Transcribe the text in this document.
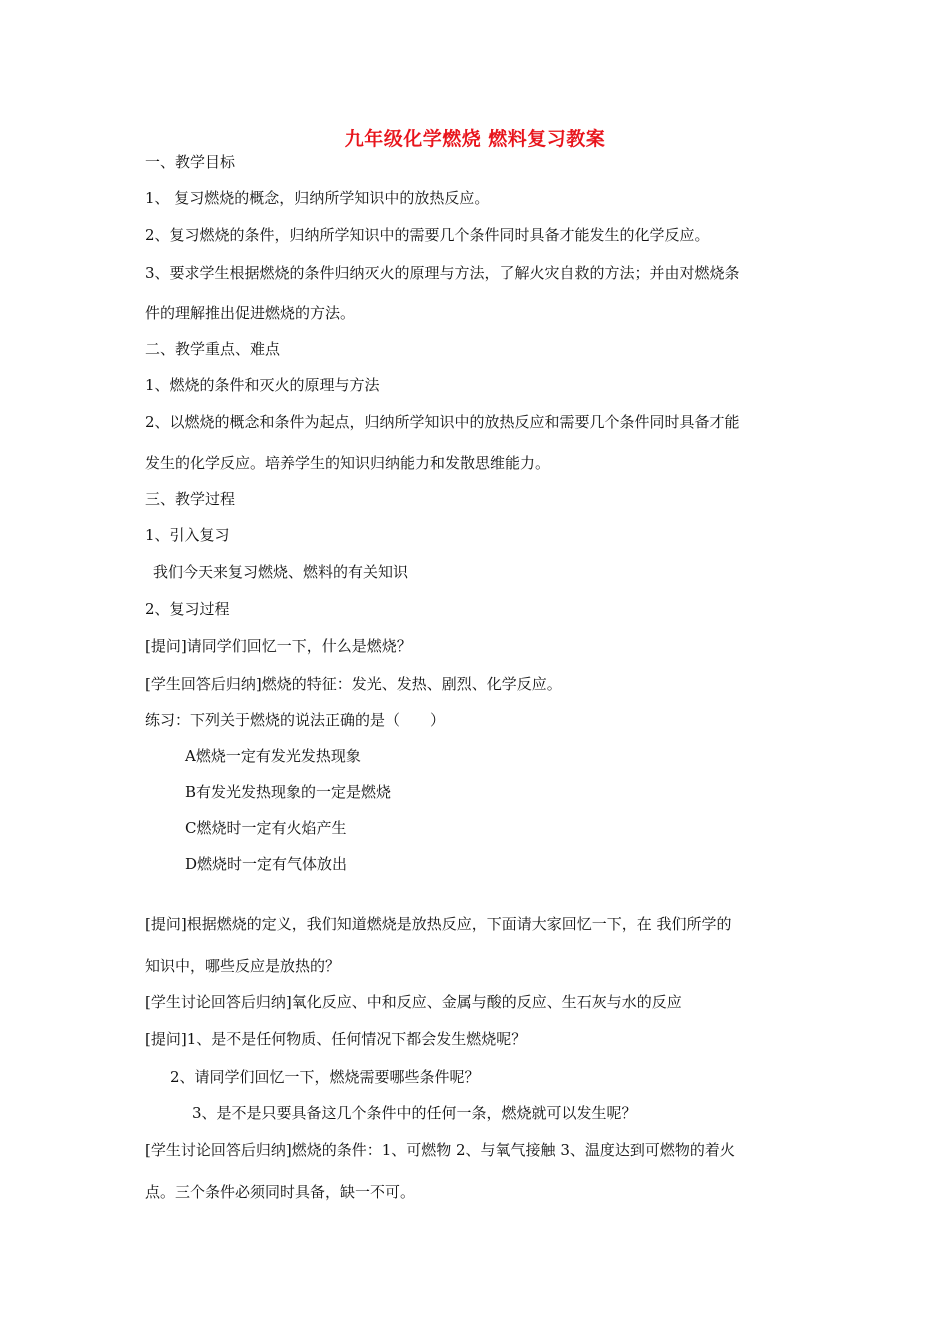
九年级化学燃烧 燃料复习教案
一、教学目标
1、 复习燃烧的概念，归纳所学知识中的放热反应。
2、复习燃烧的条件，归纳所学知识中的需要几个条件同时具备才能发生的化学反应。
3、要求学生根据燃烧的条件归纳灭火的原理与方法，了解火灾自救的方法；并由对燃烧条
件的理解推出促进燃烧的方法。
二、教学重点、难点
1、燃烧的条件和灭火的原理与方法
2、以燃烧的概念和条件为起点，归纳所学知识中的放热反应和需要几个条件同时具备才能
发生的化学反应。培养学生的知识归纳能力和发散思维能力。
三、教学过程
1、引入复习
我们今天来复习燃烧、燃料的有关知识
2、复习过程
[提问]请同学们回忆一下，什么是燃烧？
[学生回答后归纳]燃烧的特征：发光、发热、剧烈、化学反应。
练习：下列关于燃烧的说法正确的是（　　）
A燃烧一定有发光发热现象
B有发光发热现象的一定是燃烧
C燃烧时一定有火焰产生
D燃烧时一定有气体放出
[提问]根据燃烧的定义，我们知道燃烧是放热反应，下面请大家回忆一下，在 我们所学的
知识中，哪些反应是放热的？
[学生讨论回答后归纳]氧化反应、中和反应、金属与酸的反应、生石灰与水的反应
[提问]1、是不是任何物质、任何情况下都会发生燃烧呢？
2、请同学们回忆一下，燃烧需要哪些条件呢？
3、是不是只要具备这几个条件中的任何一条，燃烧就可以发生呢？
[学生讨论回答后归纳]燃烧的条件：1、可燃物 2、与氧气接触 3、温度达到可燃物的着火
点。三个条件必须同时具备，缺一不可。
